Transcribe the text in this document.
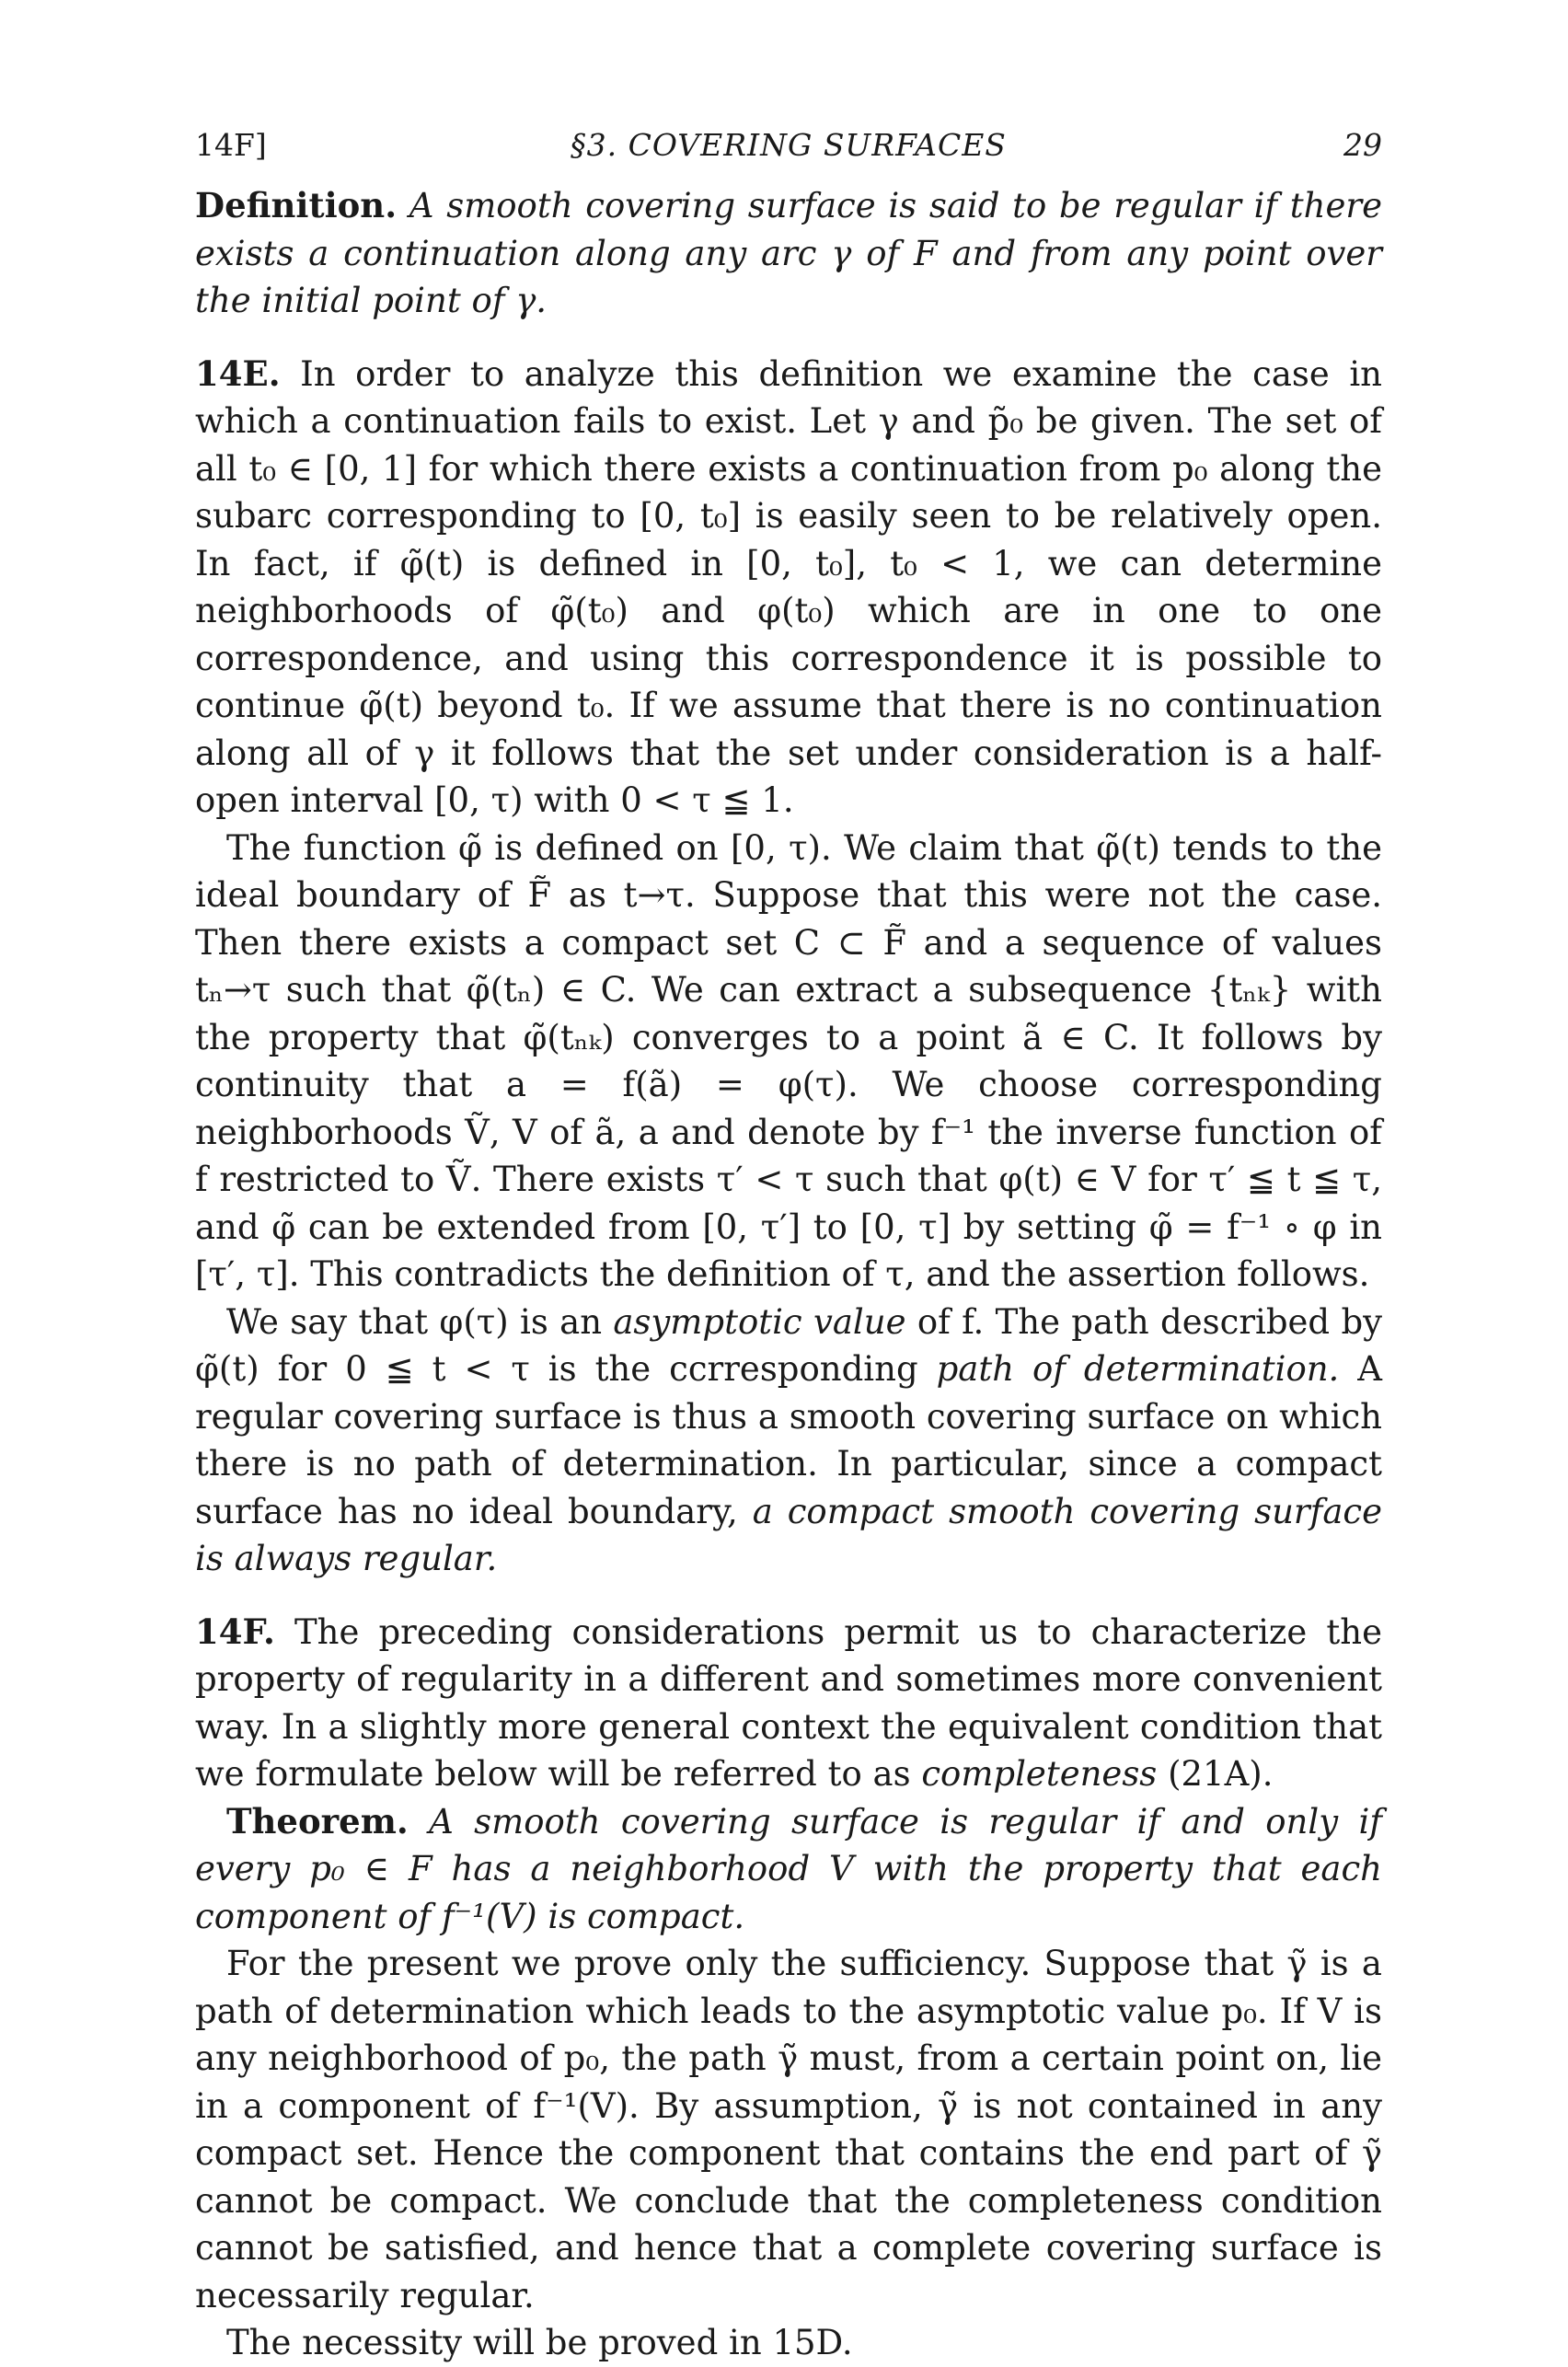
14F]	§3. COVERING SURFACES	29

Definition. A smooth covering surface is said to be regular if there exists a continuation along any arc γ of F and from any point over the initial point of γ.

14E. In order to analyze this definition we examine the case in which a continuation fails to exist. Let γ and p̃₀ be given. The set of all t₀ ∈ [0, 1] for which there exists a continuation from p₀ along the subarc corresponding to [0, t₀] is easily seen to be relatively open. In fact, if φ̃(t) is defined in [0, t₀], t₀ < 1, we can determine neighborhoods of φ̃(t₀) and φ(t₀) which are in one to one correspondence, and using this correspondence it is possible to continue φ̃(t) beyond t₀. If we assume that there is no continuation along all of γ it follows that the set under consideration is a half-open interval [0, τ) with 0 < τ ≦ 1.

The function φ̃ is defined on [0, τ). We claim that φ̃(t) tends to the ideal boundary of F̃ as t→τ. Suppose that this were not the case. Then there exists a compact set C ⊂ F̃ and a sequence of values tₙ→τ such that φ̃(tₙ) ∈ C. We can extract a subsequence {tₙₖ} with the property that φ̃(tₙₖ) converges to a point ã ∈ C. It follows by continuity that a = f(ã) = φ(τ). We choose corresponding neighborhoods Ṽ, V of ã, a and denote by f⁻¹ the inverse function of f restricted to Ṽ. There exists τ′ < τ such that φ(t) ∈ V for τ′ ≦ t ≦ τ, and φ̃ can be extended from [0, τ′] to [0, τ] by setting φ̃ = f⁻¹ ∘ φ in [τ′, τ]. This contradicts the definition of τ, and the assertion follows.

We say that φ(τ) is an asymptotic value of f. The path described by φ̃(t) for 0 ≦ t < τ is the ccrresponding path of determination. A regular covering surface is thus a smooth covering surface on which there is no path of determination. In particular, since a compact surface has no ideal boundary, a compact smooth covering surface is always regular.

14F. The preceding considerations permit us to characterize the property of regularity in a different and sometimes more convenient way. In a slightly more general context the equivalent condition that we formulate below will be referred to as completeness (21A).

Theorem. A smooth covering surface is regular if and only if every p₀ ∈ F has a neighborhood V with the property that each component of f⁻¹(V) is compact.

For the present we prove only the sufficiency. Suppose that γ̃ is a path of determination which leads to the asymptotic value p₀. If V is any neighborhood of p₀, the path γ̃ must, from a certain point on, lie in a component of f⁻¹(V). By assumption, γ̃ is not contained in any compact set. Hence the component that contains the end part of γ̃ cannot be compact. We conclude that the completeness condition cannot be satisfied, and hence that a complete covering surface is necessarily regular.

The necessity will be proved in 15D.
